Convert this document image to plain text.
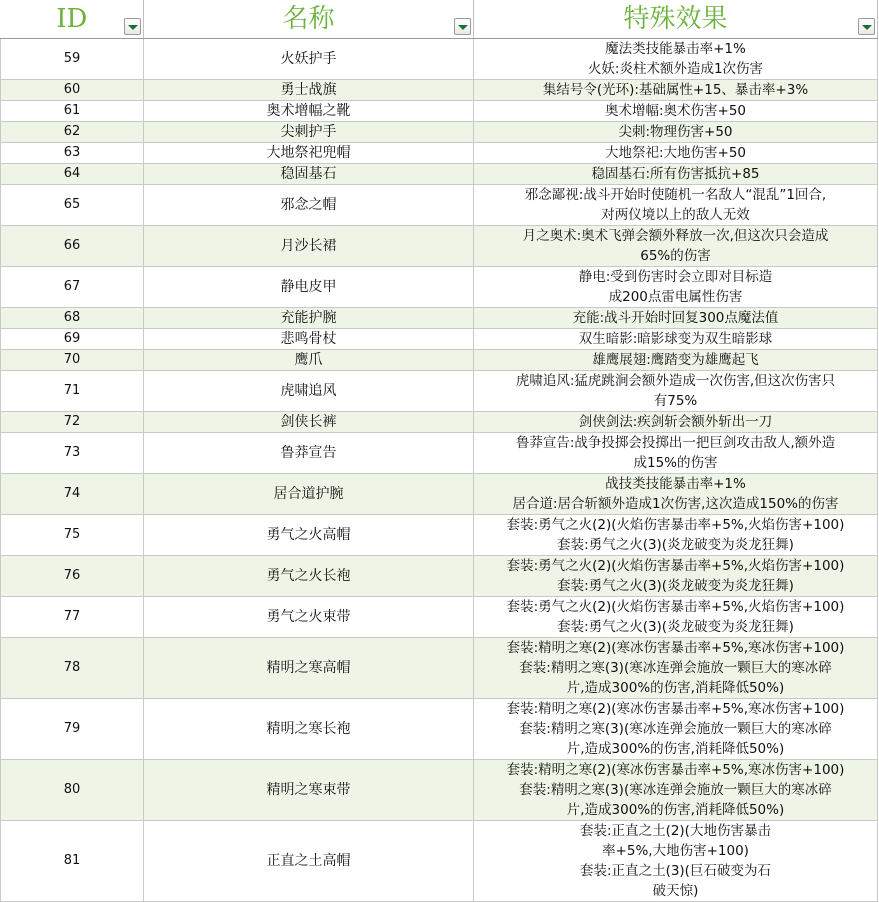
ID	名称	特殊效果

59	火妖护手	魔法类技能暴击率+1%
火妖:炎柱术额外造成1次伤害

60	勇士战旗	集结号令(光环):基础属性+15、暴击率+3%

61	奥术增幅之靴	奥术增幅:奥术伤害+50

62	尖刺护手	尖刺:物理伤害+50

63	大地祭祀兜帽	大地祭祀:大地伤害+50

64	稳固基石	稳固基石:所有伤害抵抗+85

65	邪念之帽	邪念鄙视:战斗开始时使随机一名敌人“混乱”1回合,
对两仪境以上的敌人无效

66	月沙长裙	月之奥术:奥术飞弹会额外释放一次,但这次只会造成
65%的伤害

67	静电皮甲	静电:受到伤害时会立即对目标造
成200点雷电属性伤害

68	充能护腕	充能:战斗开始时回复300点魔法值

69	悲鸣骨杖	双生暗影:暗影球变为双生暗影球

70	鹰爪	雄鹰展翅:鹰踏变为雄鹰起飞

71	虎啸追风	虎啸追风:猛虎跳涧会额外造成一次伤害,但这次伤害只
有75%

72	剑侠长裤	剑侠剑法:疾剑斩会额外斩出一刀

73	鲁莽宣告	鲁莽宣告:战争投掷会投掷出一把巨剑攻击敌人,额外造
成15%的伤害

74	居合道护腕	战技类技能暴击率+1%
居合道:居合斩额外造成1次伤害,这次造成150%的伤害

75	勇气之火高帽	套装:勇气之火(2)(火焰伤害暴击率+5%,火焰伤害+100)
套装:勇气之火(3)(炎龙破变为炎龙狂舞)

76	勇气之火长袍	套装:勇气之火(2)(火焰伤害暴击率+5%,火焰伤害+100)
套装:勇气之火(3)(炎龙破变为炎龙狂舞)

77	勇气之火束带	套装:勇气之火(2)(火焰伤害暴击率+5%,火焰伤害+100)
套装:勇气之火(3)(炎龙破变为炎龙狂舞)

78	精明之寒高帽	套装:精明之寒(2)(寒冰伤害暴击率+5%,寒冰伤害+100)
套装:精明之寒(3)(寒冰连弹会施放一颗巨大的寒冰碎
片,造成300%的伤害,消耗降低50%)

79	精明之寒长袍	套装:精明之寒(2)(寒冰伤害暴击率+5%,寒冰伤害+100)
套装:精明之寒(3)(寒冰连弹会施放一颗巨大的寒冰碎
片,造成300%的伤害,消耗降低50%)

80	精明之寒束带	套装:精明之寒(2)(寒冰伤害暴击率+5%,寒冰伤害+100)
套装:精明之寒(3)(寒冰连弹会施放一颗巨大的寒冰碎
片,造成300%的伤害,消耗降低50%)

81	正直之土高帽	套装:正直之土(2)(大地伤害暴击
率+5%,大地伤害+100)
套装:正直之土(3)(巨石破变为石
破天惊)
